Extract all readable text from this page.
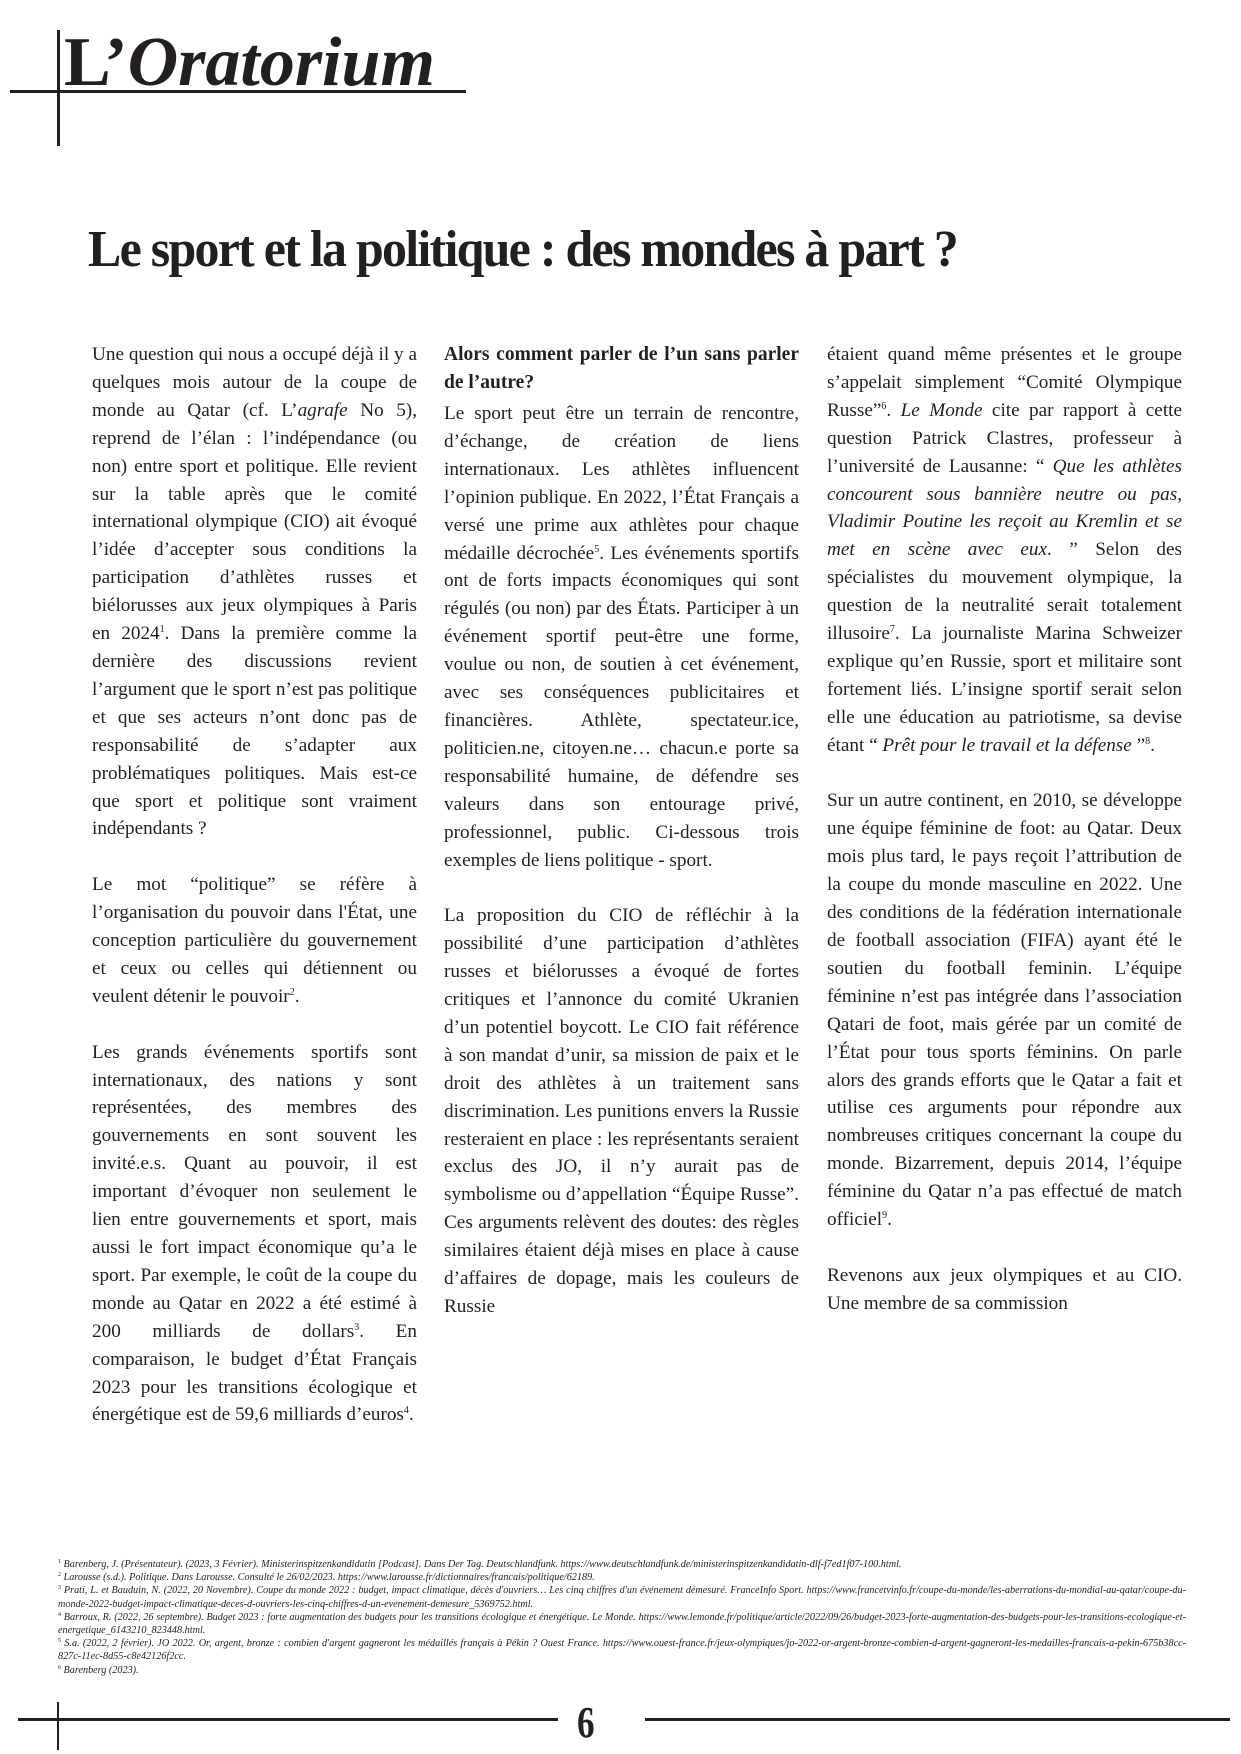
L’Oratorium
Le sport et la politique : des mondes à part ?

Une question qui nous a occupé déjà il y a quelques mois autour de la coupe de monde au Qatar (cf. L’agrafe No 5), reprend de l’élan : l’indépendance (ou non) entre sport et politique. Elle revient sur la table après que le comité international olympique (CIO) ait évoqué l’idée d’accepter sous conditions la participation d’athlètes russes et biélorusses aux jeux olympiques à Paris en 2024$^1$. Dans la première comme la dernière des discussions revient l’argument que le sport n’est pas politique et que ses acteurs n’ont donc pas de responsabilité de s’adapter aux problématiques politiques. Mais est-ce que sport et politique sont vraiment indépendants ?

Le mot “politique” se réfère à l’organisation du pouvoir dans l'État, une conception particulière du gouvernement et ceux ou celles qui détiennent ou veulent détenir le pouvoir$^2$.

Les grands événements sportifs sont internationaux, des nations y sont représentées, des membres des gouvernements en sont souvent les invité.e.s. Quant au pouvoir, il est important d’évoquer non seulement le lien entre gouvernements et sport, mais aussi le fort impact économique qu’a le sport. Par exemple, le coût de la coupe du monde au Qatar en 2022 a été estimé à 200 milliards de dollars$^3$. En comparaison, le budget d’État Français 2023 pour les transitions écologique et énergétique est de 59,6 milliards d’euros$^4$.

Alors comment parler de l’un sans parler de l’autre?

Le sport peut être un terrain de rencontre, d’échange, de création de liens internationaux. Les athlètes influencent l’opinion publique. En 2022, l’État Français a versé une prime aux athlètes pour chaque médaille décrochée$^5$. Les événements sportifs ont de forts impacts économiques qui sont régulés (ou non) par des États. Participer à un événement sportif peut-être une forme, voulue ou non, de soutien à cet événement, avec ses conséquences publicitaires et financières. Athlète, spectateur.ice, politicien.ne, citoyen.ne… chacun.e porte sa responsabilité humaine, de défendre ses valeurs dans son entourage privé, professionnel, public. Ci-dessous trois exemples de liens politique - sport.

La proposition du CIO de réfléchir à la possibilité d’une participation d’athlètes russes et biélorusses a évoqué de fortes critiques et l’annonce du comité Ukranien d’un potentiel boycott. Le CIO fait référence à son mandat d’unir, sa mission de paix et le droit des athlètes à un traitement sans discrimination. Les punitions envers la Russie resteraient en place : les représentants seraient exclus des JO, il n’y aurait pas de symbolisme ou d’appellation “Équipe Russe”. Ces arguments relèvent des doutes: des règles similaires étaient déjà mises en place à cause d’affaires de dopage, mais les couleurs de Russie

étaient quand même présentes et le groupe s’appelait simplement “Comité Olympique Russe”$^6$. Le Monde cite par rapport à cette question Patrick Clastres, professeur à l’université de Lausanne: “ Que les athlètes concourent sous bannière neutre ou pas, Vladimir Poutine les reçoit au Kremlin et se met en scène avec eux. ” Selon des spécialistes du mouvement olympique, la question de la neutralité serait totalement illusoire$^7$. La journaliste Marina Schweizer explique qu’en Russie, sport et militaire sont fortement liés. L’insigne sportif serait selon elle une éducation au patriotisme, sa devise étant “ Prêt pour le travail et la défense ”$^8$.

Sur un autre continent, en 2010, se développe une équipe féminine de foot: au Qatar. Deux mois plus tard, le pays reçoit l’attribution de la coupe du monde masculine en 2022. Une des conditions de la fédération internationale de football association (FIFA) ayant été le soutien du football feminin. L’équipe féminine n’est pas intégrée dans l’association Qatari de foot, mais gérée par un comité de l’État pour tous sports féminins. On parle alors des grands efforts que le Qatar a fait et utilise ces arguments pour répondre aux nombreuses critiques concernant la coupe du monde. Bizarrement, depuis 2014, l’équipe féminine du Qatar n’a pas effectué de match officiel$^9$.

Revenons aux jeux olympiques et au CIO. Une membre de sa commission

$^1$ Barenberg, J. (Présentateur). (2023, 3 Février). Ministerinspitzenkandidatin [Podcast]. Dans Der Tag. Deutschlandfunk. https://www.deutschlandfunk.de/ministerinspitzenkandidatin-dlf-f7ed1f07-100.html.
$^2$ Larousse (s.d.). Politique. Dans Larousse. Consulté le 26/02/2023. https://www.larousse.fr/dictionnaires/francais/politique/62189.
$^3$ Prati, L. et Bauduin, N. (2022, 20 Novembre). Coupe du monde 2022 : budget, impact climatique, décès d'ouvriers… Les cinq chiffres d'un événement démesuré. FranceInfo Sport. https://www.francetvinfo.fr/coupe-du-monde/les-aberrations-du-mondial-au-qatar/coupe-du-monde-2022-budget-impact-climatique-deces-d-ouvriers-les-cinq-chiffres-d-un-evenement-demesure_5369752.html.
$^4$ Barroux, R. (2022, 26 septembre). Budget 2023 : forte augmentation des budgets pour les transitions écologique et énergétique. Le Monde. https://www.lemonde.fr/politique/article/2022/09/26/budget-2023-forte-augmentation-des-budgets-pour-les-transitions-ecologique-et-energetique_6143210_823448.html.
$^5$ S.a. (2022, 2 février). JO 2022. Or, argent, bronze : combien d'argent gagneront les médaillés français à Pékin ? Ouest France. https://www.ouest-france.fr/jeux-olympiques/jo-2022-or-argent-bronze-combien-d-argent-gagneront-les-medailles-francais-a-pekin-675b38cc-827c-11ec-8d55-c8e42126f2cc.
$^6$ Barenberg (2023).
6
